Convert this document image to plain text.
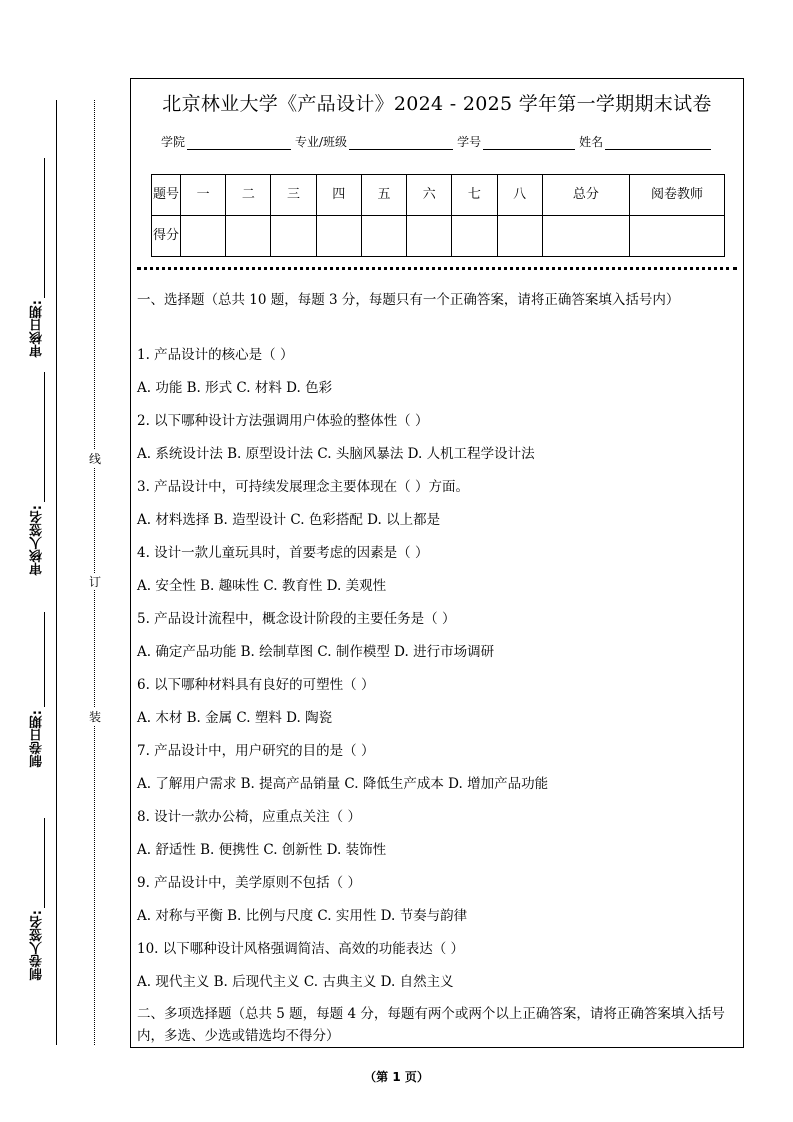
审核日期:
审核人签名:
制卷日期:
制卷人签名:
线
订
装
北京林业大学《产品设计》2024 - 2025 学年第一学期期末试卷
学院	专业/班级	学号	姓名
题号	一	二	三	四	五	六	七	八	总分	阅卷教师
得分										

一、选择题（总共 10 题，每题 3 分，每题只有一个正确答案，请将正确答案填入括号内）

1. 产品设计的核心是（ ）

A. 功能 B. 形式 C. 材料 D. 色彩

2. 以下哪种设计方法强调用户体验的整体性（ ）

A. 系统设计法 B. 原型设计法 C. 头脑风暴法 D. 人机工程学设计法

3. 产品设计中，可持续发展理念主要体现在（ ）方面。

A. 材料选择 B. 造型设计 C. 色彩搭配 D. 以上都是

4. 设计一款儿童玩具时，首要考虑的因素是（ ）

A. 安全性 B. 趣味性 C. 教育性 D. 美观性

5. 产品设计流程中，概念设计阶段的主要任务是（ ）

A. 确定产品功能 B. 绘制草图 C. 制作模型 D. 进行市场调研

6. 以下哪种材料具有良好的可塑性（ ）

A. 木材 B. 金属 C. 塑料 D. 陶瓷

7. 产品设计中，用户研究的目的是（ ）

A. 了解用户需求 B. 提高产品销量 C. 降低生产成本 D. 增加产品功能

8. 设计一款办公椅，应重点关注（ ）

A. 舒适性 B. 便携性 C. 创新性 D. 装饰性

9. 产品设计中，美学原则不包括（ ）

A. 对称与平衡 B. 比例与尺度 C. 实用性 D. 节奏与韵律

10. 以下哪种设计风格强调简洁、高效的功能表达（ ）

A. 现代主义 B. 后现代主义 C. 古典主义 D. 自然主义

二、多项选择题（总共 5 题，每题 4 分，每题有两个或两个以上正确答案，请将正确答案填入括号内，多选、少选或错选均不得分）

（第 1 页）
